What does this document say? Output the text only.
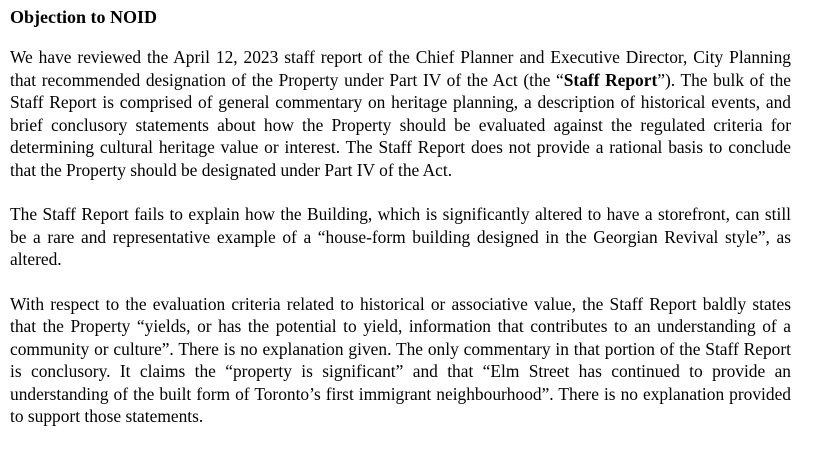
Objection to NOID

We have reviewed the April 12, 2023 staff report of the Chief Planner and Executive Director, City Planning that recommended designation of the Property under Part IV of the Act (the “Staff Report”). The bulk of the Staff Report is comprised of general commentary on heritage planning, a description of historical events, and brief conclusory statements about how the Property should be evaluated against the regulated criteria for determining cultural heritage value or interest. The Staff Report does not provide a rational basis to conclude that the Property should be designated under Part IV of the Act.

The Staff Report fails to explain how the Building, which is significantly altered to have a storefront, can still be a rare and representative example of a “house-form building designed in the Georgian Revival style”, as altered.

With respect to the evaluation criteria related to historical or associative value, the Staff Report baldly states that the Property “yields, or has the potential to yield, information that contributes to an understanding of a community or culture”. There is no explanation given. The only commentary in that portion of the Staff Report is conclusory. It claims the “property is significant” and that “Elm Street has continued to provide an understanding of the built form of Toronto’s first immigrant neighbourhood”. There is no explanation provided to support those statements.
